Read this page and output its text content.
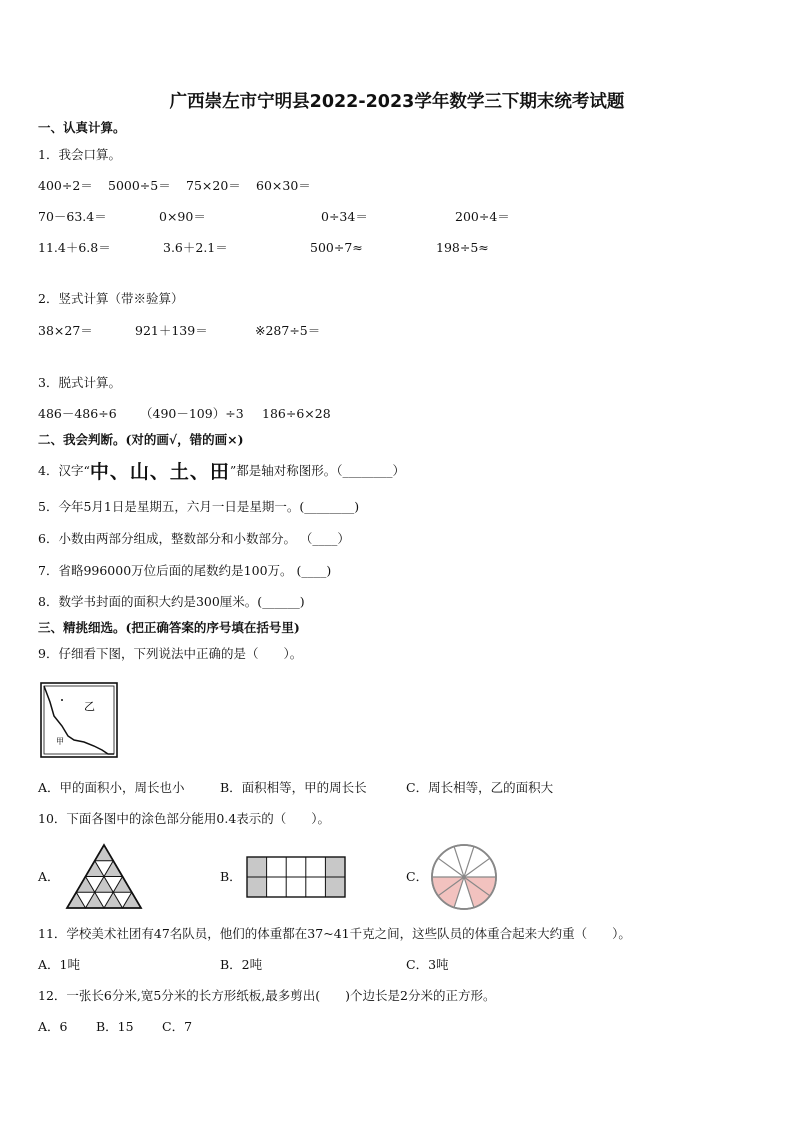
广西崇左市宁明县2022-2023学年数学三下期末统考试题
一、认真计算。
1．我会口算。
400÷2＝ 5000÷5＝ 75×20＝ 60×30＝
70－63.4＝	0×90＝	0÷34＝	200÷4＝
11.4＋6.8＝	3.6＋2.1＝	500÷7≈	198÷5≈
2．竖式计算（带※验算）
38×27＝	921＋139＝	※287÷5＝
3．脱式计算。
486－486÷6 （490－109）÷3 186÷6×28
二、我会判断。(对的画√，错的画×)
4．汉字“中、山、土、田”都是轴对称图形。（________）
5．今年5月1日是星期五，六月一日是星期一。(________)
6．小数由两部分组成，整数部分和小数部分。 （____）
7．省略996000万位后面的尾数约是100万。 (____)
8．数学书封面的面积大约是300厘米。(______)
三、精挑细选。(把正确答案的序号填在括号里)
9．仔细看下图，下列说法中正确的是（　　）。
乙
甲
A．甲的面积小，周长也小	B．面积相等，甲的周长长	C．周长相等，乙的面积大
10．下面各图中的涂色部分能用0.4表示的（　　）。
A．	B．	C．
11．学校美术社团有47名队员，他们的体重都在37~41千克之间，这些队员的体重合起来大约重（　　）。
A．1吨	B．2吨	C．3吨
12．一张长6分米,宽5分米的长方形纸板,最多剪出(　　)个边长是2分米的正方形。
A．6 B．15 C．7
